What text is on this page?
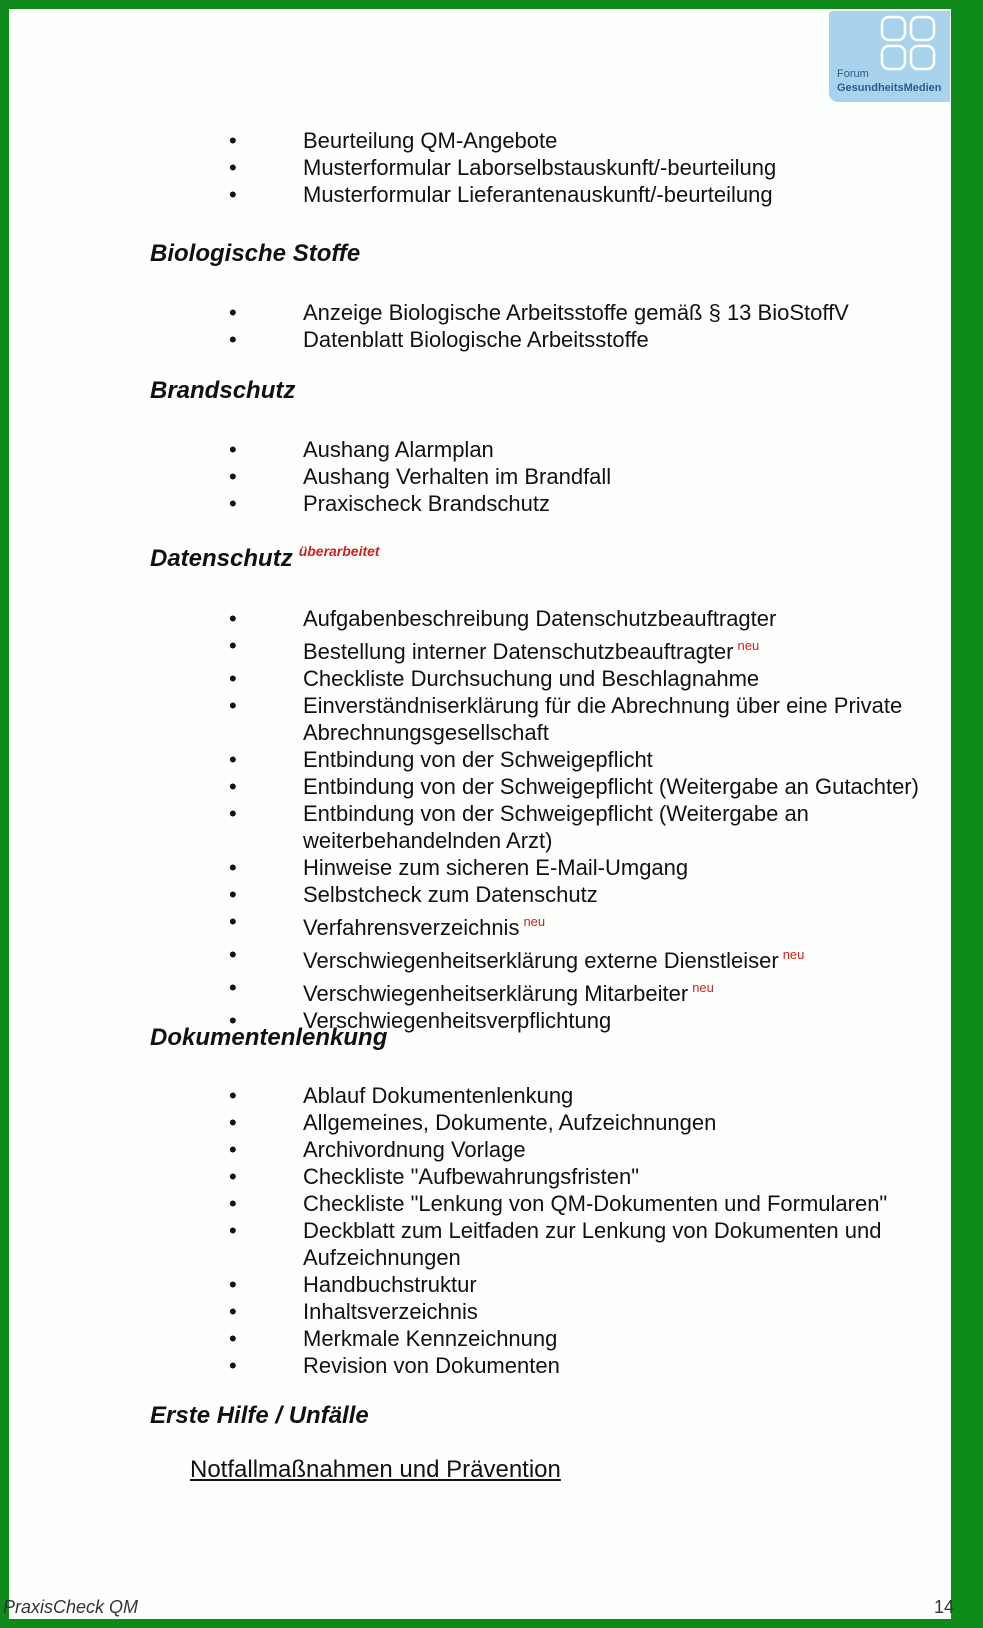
Forum
GesundheitsMedien
• Beurteilung QM-Angebote
• Musterformular Laborselbstauskunft/-beurteilung
• Musterformular Lieferantenauskunft/-beurteilung
Biologische Stoffe
• Anzeige Biologische Arbeitsstoffe gemäß § 13 BioStoffV
• Datenblatt Biologische Arbeitsstoffe
Brandschutz
• Aushang Alarmplan
• Aushang Verhalten im Brandfall
• Praxischeck Brandschutz
Datenschutz $^{überarbeitet}$
• Aufgabenbeschreibung Datenschutzbeauftragter
• Bestellung interner Datenschutzbeauftragter $^{neu}$
• Checkliste Durchsuchung und Beschlagnahme
• Einverständniserklärung für die Abrechnung über eine Private Abrechnungsgesellschaft
• Entbindung von der Schweigepflicht
• Entbindung von der Schweigepflicht (Weitergabe an Gutachter)
• Entbindung von der Schweigepflicht (Weitergabe an weiterbehandelnden Arzt)
• Hinweise zum sicheren E-Mail-Umgang
• Selbstcheck zum Datenschutz
• Verfahrensverzeichnis $^{neu}$
• Verschwiegenheitserklärung externe Dienstleiser $^{neu}$
• Verschwiegenheitserklärung Mitarbeiter $^{neu}$
• Verschwiegenheitsverpflichtung
Dokumentenlenkung
• Ablauf Dokumentenlenkung
• Allgemeines, Dokumente, Aufzeichnungen
• Archivordnung Vorlage
• Checkliste "Aufbewahrungsfristen"
• Checkliste "Lenkung von QM-Dokumenten und Formularen"
• Deckblatt zum Leitfaden zur Lenkung von Dokumenten und Aufzeichnungen
• Handbuchstruktur
• Inhaltsverzeichnis
• Merkmale Kennzeichnung
• Revision von Dokumenten
Erste Hilfe / Unfälle
Notfallmaßnahmen und Prävention
PraxisCheck QM	14
